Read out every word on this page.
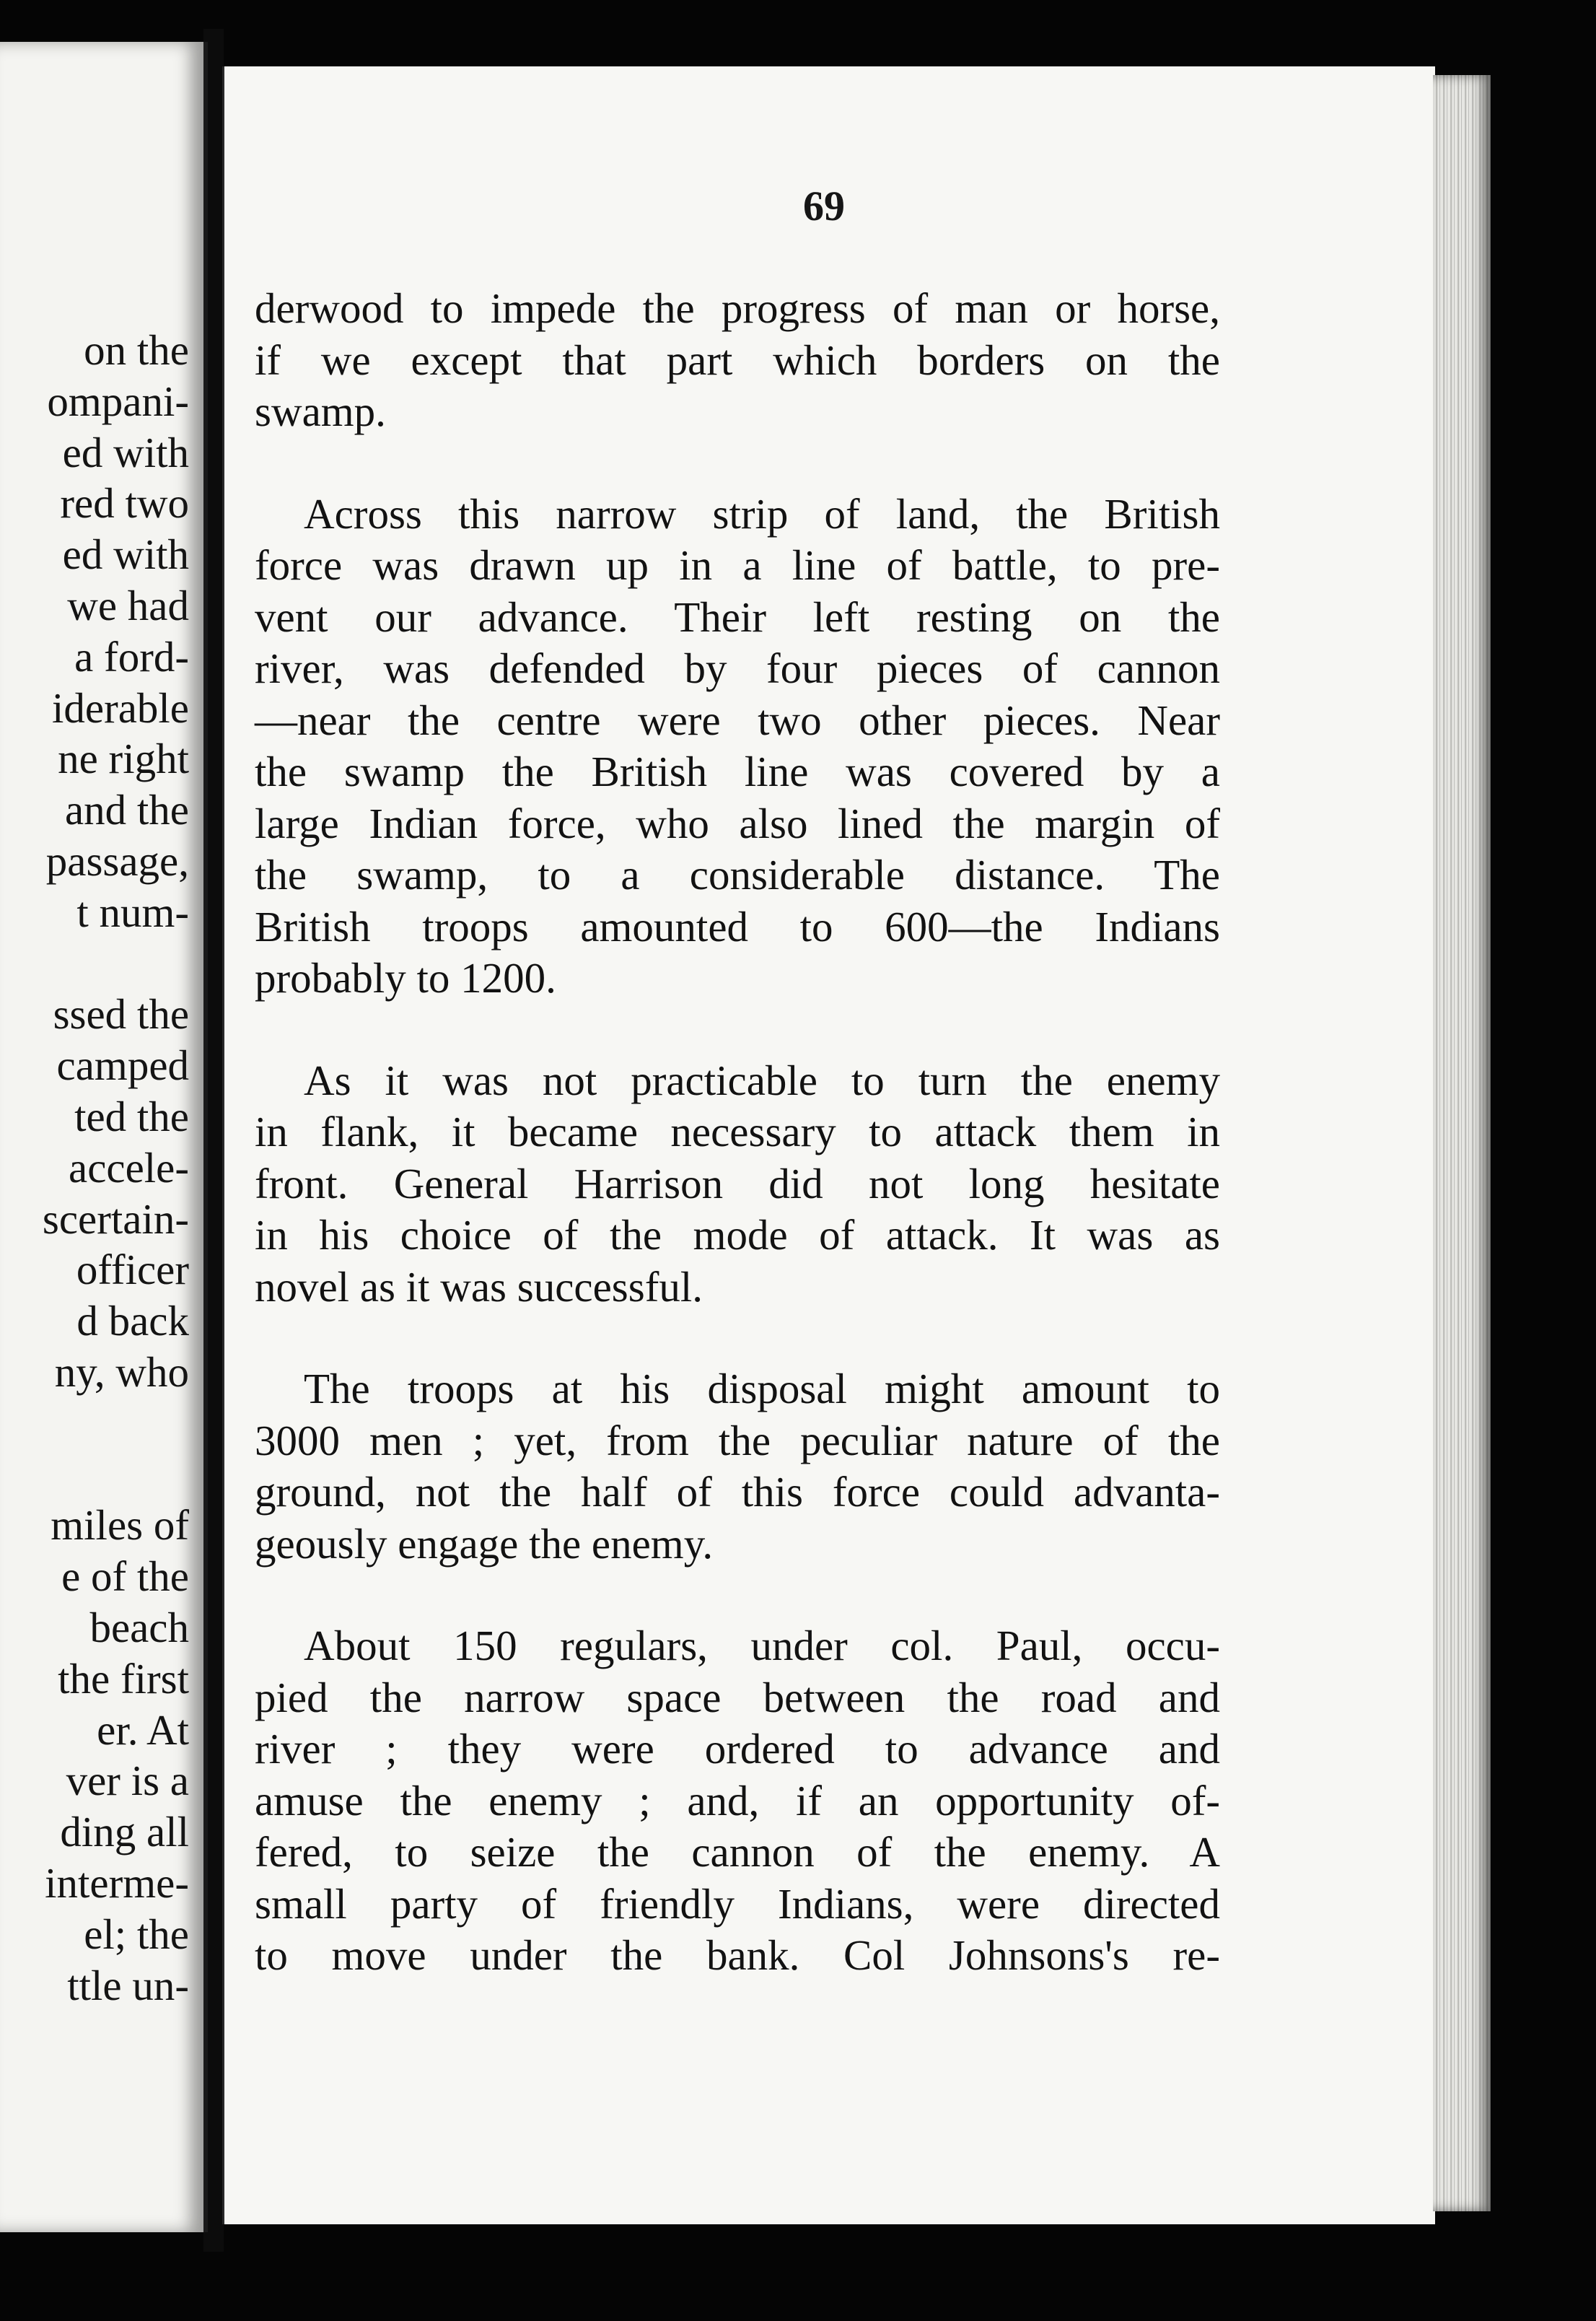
on the
ompani-
ed with
red two
ed with
we had
a ford-
iderable
ne right
and the
passage,
t num-
ssed the
camped
ted the
accele-
scertain-
officer
d back
ny, who
miles of
e of the
beach
the first
er. At
ver is a
ding all
interme-
el; the
ttle un-
69

derwood to impede the progress of man or horse,
if we except that part which borders on the
swamp.

Across this narrow strip of land, the British
force was drawn up in a line of battle, to pre-
vent our advance. Their left resting on the
river, was defended by four pieces of cannon
—near the centre were two other pieces. Near
the swamp the British line was covered by a
large Indian force, who also lined the margin of
the swamp, to a considerable distance. The
British troops amounted to 600—the Indians
probably to 1200.

As it was not practicable to turn the enemy
in flank, it became necessary to attack them in
front. General Harrison did not long hesitate
in his choice of the mode of attack. It was as
novel as it was successful.

The troops at his disposal might amount to
3000 men ; yet, from the peculiar nature of the
ground, not the half of this force could advanta-
geously engage the enemy.

About 150 regulars, under col. Paul, occu-
pied the narrow space between the road and
river ; they were ordered to advance and
amuse the enemy ; and, if an opportunity of-
fered, to seize the cannon of the enemy. A
small party of friendly Indians, were directed
to move under the bank. Col Johnsons's re-
